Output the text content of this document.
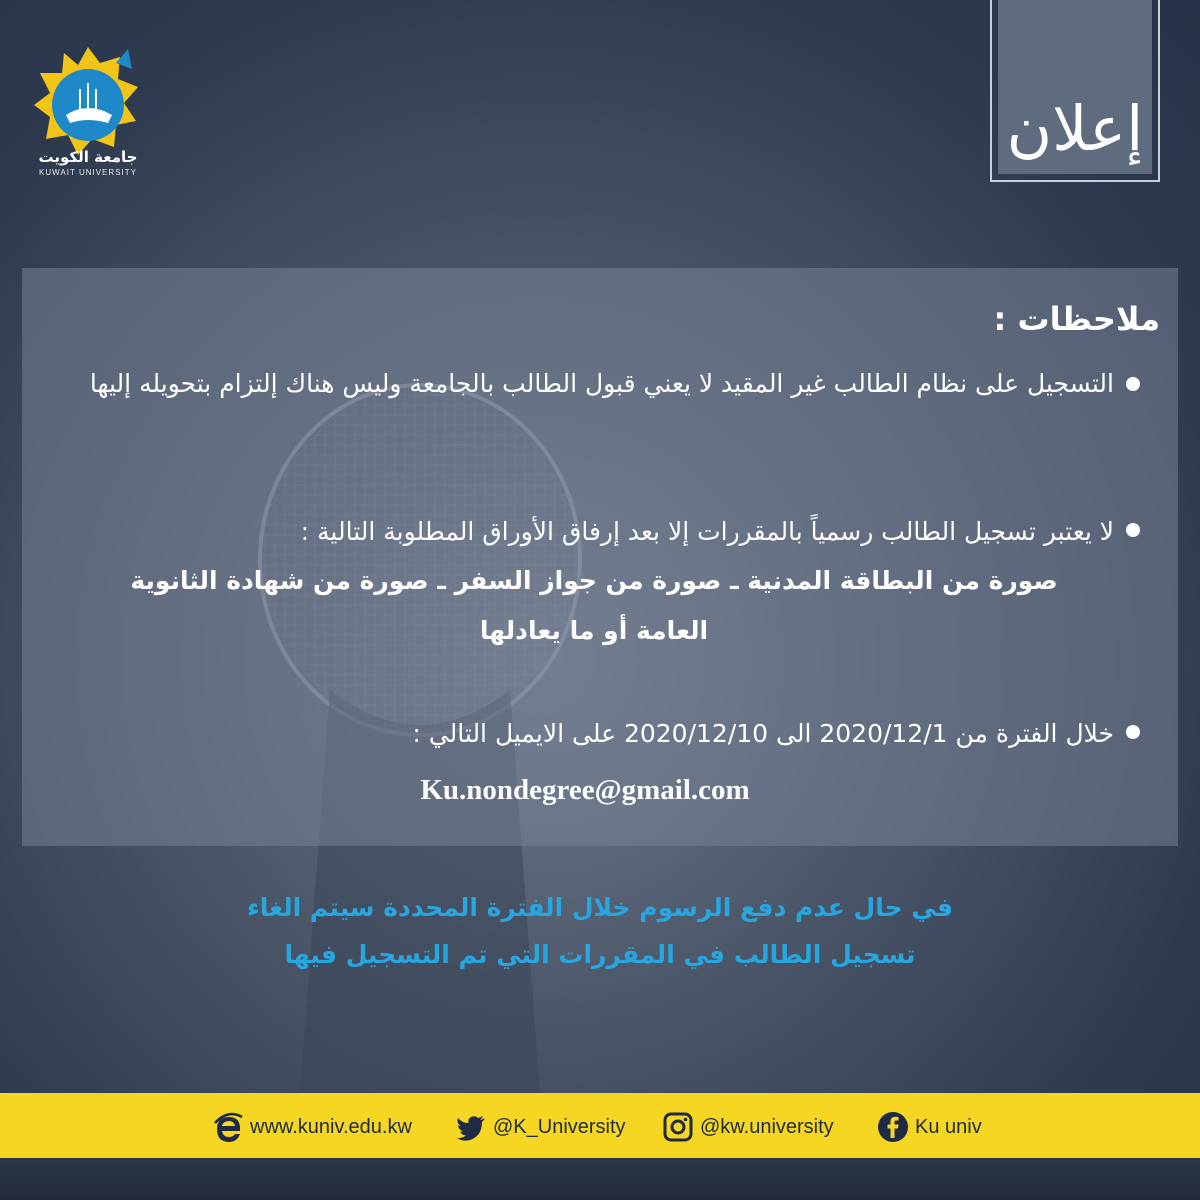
جامعة الكويت
KUWAIT UNIVERSITY
إعلان
ملاحظات :
التسجيل على نظام الطالب غير المقيد لا يعني قبول الطالب بالجامعة وليس هناك إلتزام بتحويله إليها
لا يعتبر تسجيل الطالب رسمياً بالمقررات إلا بعد إرفاق الأوراق المطلوبة التالية :
صورة من البطاقة المدنية ـ صورة من جواز السفر ـ صورة من شهادة الثانوية العامة أو ما يعادلها
خلال الفترة من 2020/12/1 الى 2020/12/10 على الايميل التالي :
Ku.nondegree@gmail.com
في حال عدم دفع الرسوم خلال الفترة المحددة سيتم الغاء
تسجيل الطالب في المقررات التي تم التسجيل فيها
www.kuniv.edu.kw	@K_University	@kw.university	Ku univ
